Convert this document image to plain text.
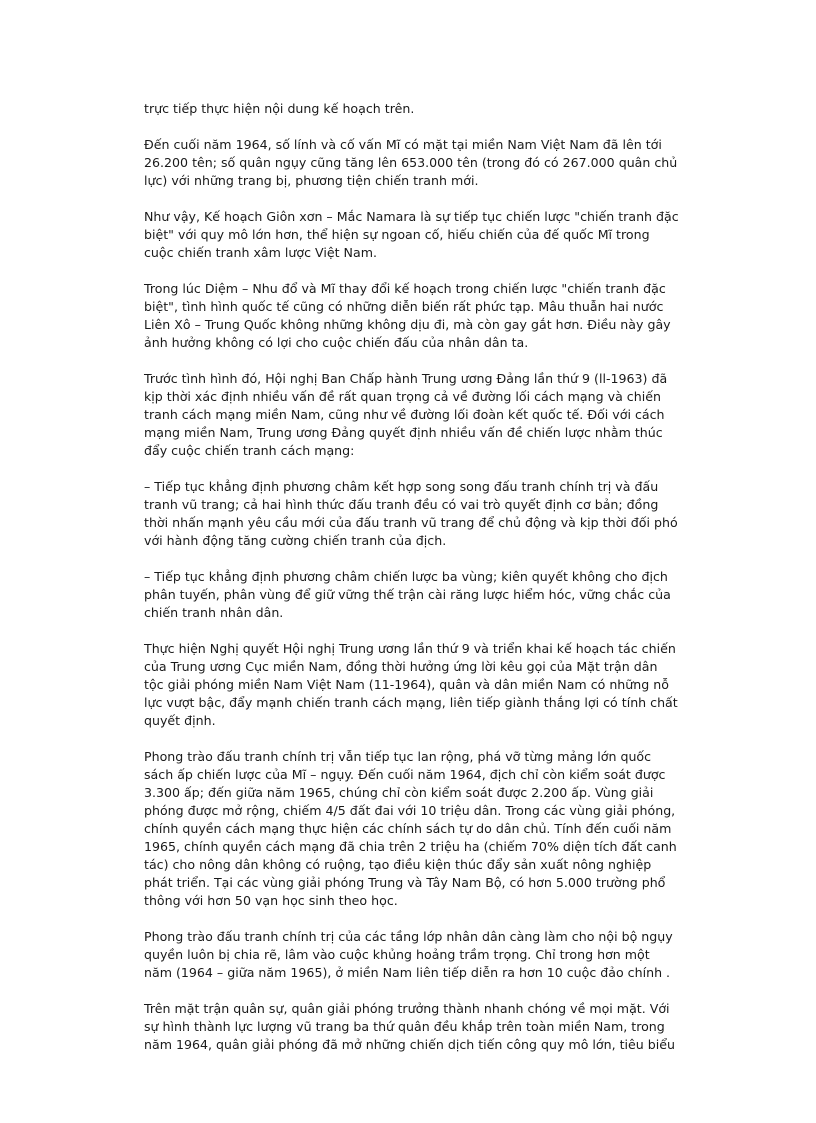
trực tiếp thực hiện nội dung kế hoạch trên.

Đến cuối năm 1964, số lính và cố vấn Mĩ có mặt tại miền Nam Việt Nam đã lên tới 26.200 tên; số quân ngụy cũng tăng lên 653.000 tên (trong đó có 267.000 quân chủ lực) với những trang bị, phương tiện chiến tranh mới.

Như vậy, Kế hoạch Giôn xơn – Mắc Namara là sự tiếp tục chiến lược "chiến tranh đặc biệt" với quy mô lớn hơn, thể hiện sự ngoan cố, hiếu chiến của đế quốc Mĩ trong cuộc chiến tranh xâm lược Việt Nam.

Trong lúc Diệm – Nhu đổ và Mĩ thay đổi kế hoạch trong chiến lược "chiến tranh đặc biệt", tình hình quốc tế cũng có những diễn biến rất phức tạp. Mâu thuẫn hai nước Liên Xô – Trung Quốc không những không dịu đi, mà còn gay gắt hơn. Điều này gây ảnh hưởng không có lợi cho cuộc chiến đấu của nhân dân ta.

Trước tình hình đó, Hội nghị Ban Chấp hành Trung ương Đảng lần thứ 9 (ll-1963) đã kịp thời xác định nhiều vấn đề rất quan trọng cả về đường lối cách mạng và chiến tranh cách mạng miền Nam, cũng như về đường lối đoàn kết quốc tế. Đối với cách mạng miền Nam, Trung ương Đảng quyết định nhiều vấn đề chiến lược nhằm thúc đẩy cuộc chiến tranh cách mạng:

– Tiếp tục khẳng định phương châm kết hợp song song đấu tranh chính trị và đấu tranh vũ trang; cả hai hình thức đấu tranh đều có vai trò quyết định cơ bản; đồng thời nhấn mạnh yêu cầu mới của đấu tranh vũ trang để chủ động và kịp thời đối phó với hành động tăng cường chiến tranh của địch.

– Tiếp tục khẳng định phương châm chiến lược ba vùng; kiên quyết không cho địch phân tuyến, phân vùng để giữ vững thế trận cài răng lược hiểm hóc, vững chắc của chiến tranh nhân dân.

Thực hiện Nghị quyết Hội nghị Trung ương lần thứ 9 và triển khai kế hoạch tác chiến của Trung ương Cục miền Nam, đồng thời hưởng ứng lời kêu gọi của Mặt trận dân tộc giải phóng miền Nam Việt Nam (11-1964), quân và dân miền Nam có những nỗ lực vượt bậc, đẩy mạnh chiến tranh cách mạng, liên tiếp giành thắng lợi có tính chất quyết định.

Phong trào đấu tranh chính trị vẫn tiếp tục lan rộng, phá vỡ từng mảng lớn quốc sách ấp chiến lược của Mĩ – ngụy. Đến cuối năm 1964, địch chỉ còn kiểm soát được 3.300 ấp; đến giữa năm 1965, chúng chỉ còn kiểm soát được 2.200 ấp. Vùng giải phóng được mở rộng, chiếm 4/5 đất đai với 10 triệu dân. Trong các vùng giải phóng, chính quyền cách mạng thực hiện các chính sách tự do dân chủ. Tính đến cuối năm 1965, chính quyền cách mạng đã chia trên 2 triệu ha (chiếm 70% diện tích đất canh tác) cho nông dân không có ruộng, tạo điều kiện thúc đẩy sản xuất nông nghiệp phát triển. Tại các vùng giải phóng Trung và Tây Nam Bộ, có hơn 5.000 trường phổ thông với hơn 50 vạn học sinh theo học.

Phong trào đấu tranh chính trị của các tầng lớp nhân dân càng làm cho nội bộ ngụy quyền luôn bị chia rẽ, lâm vào cuộc khủng hoảng trầm trọng. Chỉ trong hơn một năm (1964 – giữa năm 1965), ở miền Nam liên tiếp diễn ra hơn 10 cuộc đảo chính .

Trên mặt trận quân sự, quân giải phóng trưởng thành nhanh chóng về mọi mặt. Với sự hình thành lực lượng vũ trang ba thứ quân đều khắp trên toàn miền Nam, trong năm 1964, quân giải phóng đã mở những chiến dịch tiến công quy mô lớn, tiêu biểu
